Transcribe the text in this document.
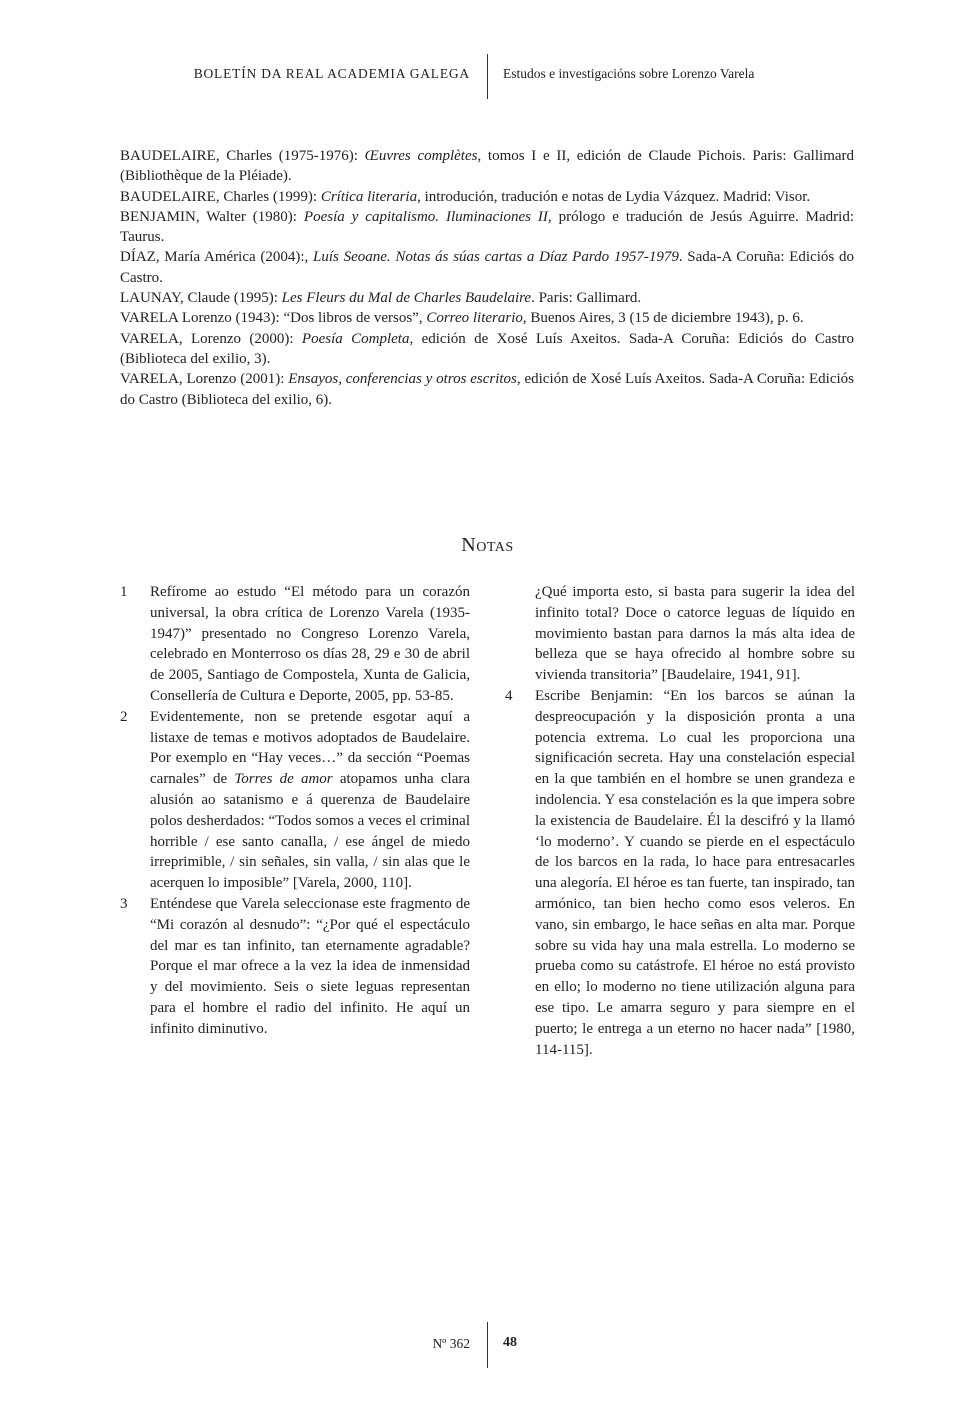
BOLETÍN DA REAL ACADEMIA GALEGA Estudos e investigacións sobre Lorenzo Varela

BAUDELAIRE, Charles (1975-1976): Œuvres complètes, tomos I e II, edición de Claude Pichois. Paris: Gallimard (Bibliothèque de la Pléiade).

BAUDELAIRE, Charles (1999): Crítica literaria, introdución, tradución e notas de Lydia Vázquez. Madrid: Visor.

BENJAMIN, Walter (1980): Poesía y capitalismo. Iluminaciones II, prólogo e tradución de Jesús Aguirre. Madrid: Taurus.

DÍAZ, María América (2004):, Luís Seoane. Notas ás súas cartas a Díaz Pardo 1957-1979. Sada-A Coruña: Ediciós do Castro.

LAUNAY, Claude (1995): Les Fleurs du Mal de Charles Baudelaire. Paris: Gallimard.

VARELA Lorenzo (1943): “Dos libros de versos”, Correo literario, Buenos Aires, 3 (15 de diciembre 1943), p. 6.

VARELA, Lorenzo (2000): Poesía Completa, edición de Xosé Luís Axeitos. Sada-A Coruña: Ediciós do Castro (Biblioteca del exilio, 3).

VARELA, Lorenzo (2001): Ensayos, conferencias y otros escritos, edición de Xosé Luís Axeitos. Sada-A Coruña: Ediciós do Castro (Biblioteca del exilio, 6).

Notas

1 Refírome ao estudo “El método para un corazón universal, la obra crítica de Lorenzo Varela (1935-1947)” presentado no Congreso Lorenzo Varela, celebrado en Monterroso os días 28, 29 e 30 de abril de 2005, Santiago de Compostela, Xunta de Galicia, Consellería de Cultura e Deporte, 2005, pp. 53-85.

2 Evidentemente, non se pretende esgotar aquí a listaxe de temas e motivos adoptados de Baudelaire. Por exemplo en “Hay veces…” da sección “Poemas carnales” de Torres de amor atopamos unha clara alusión ao satanismo e á querenza de Baudelaire polos desherdados: “Todos somos a veces el criminal horrible / ese santo canalla, / ese ángel de miedo irreprimible, / sin señales, sin valla, / sin alas que le acerquen lo imposible” [Varela, 2000, 110].

3 Enténdese que Varela seleccionase este fragmento de “Mi corazón al desnudo”: “¿Por qué el espectáculo del mar es tan infinito, tan eternamente agradable? Porque el mar ofrece a la vez la idea de inmensidad y del movimiento. Seis o siete leguas representan para el hombre el radio del infinito. He aquí un infinito diminutivo.

¿Qué importa esto, si basta para sugerir la idea del infinito total? Doce o catorce leguas de líquido en movimiento bastan para darnos la más alta idea de belleza que se haya ofrecido al hombre sobre su vivienda transitoria” [Baudelaire, 1941, 91].

4 Escribe Benjamin: “En los barcos se aúnan la despreocupación y la disposición pronta a una potencia extrema. Lo cual les proporciona una significación secreta. Hay una constelación especial en la que también en el hombre se unen grandeza e indolencia. Y esa constelación es la que impera sobre la existencia de Baudelaire. Él la descifró y la llamó ‘lo moderno’. Y cuando se pierde en el espectáculo de los barcos en la rada, lo hace para entresacarles una alegoría. El héroe es tan fuerte, tan inspirado, tan armónico, tan bien hecho como esos veleros. En vano, sin embargo, le hace señas en alta mar. Porque sobre su vida hay una mala estrella. Lo moderno se prueba como su catástrofe. El héroe no está provisto en ello; lo moderno no tiene utilización alguna para ese tipo. Le amarra seguro y para siempre en el puerto; le entrega a un eterno no hacer nada” [1980, 114-115].

Nº 362 48
